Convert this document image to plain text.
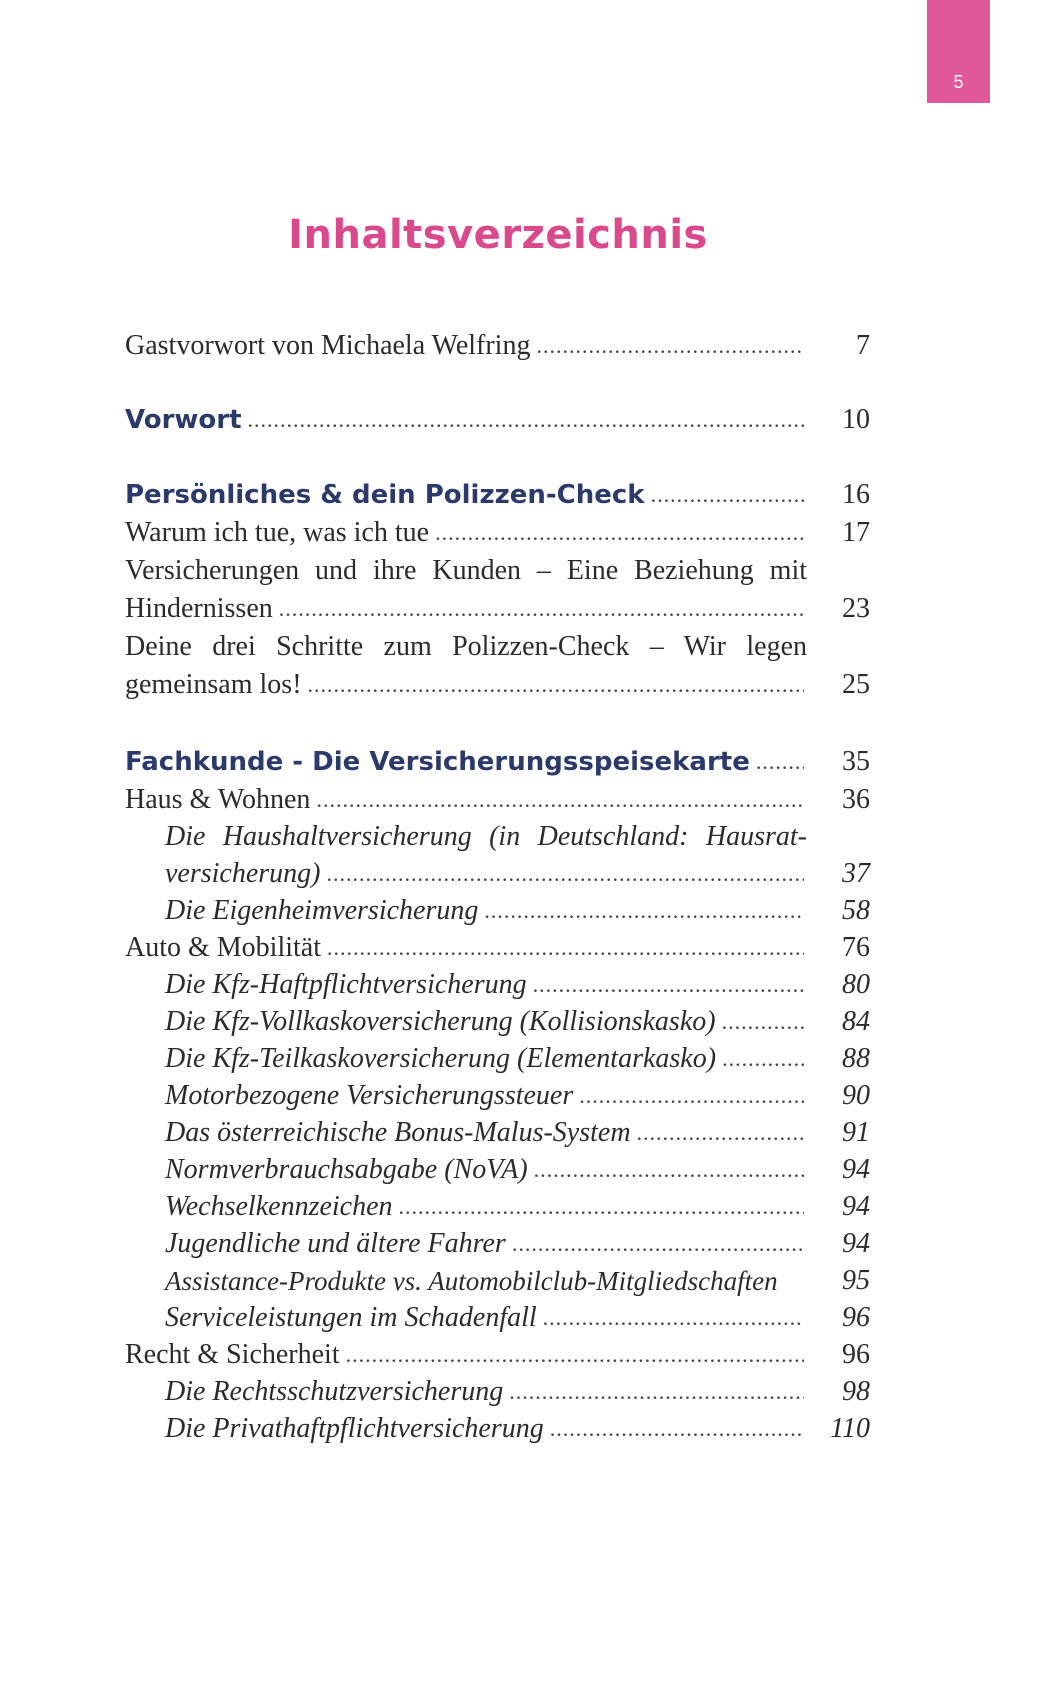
5
Inhaltsverzeichnis
Gastvorwort von Michaela Welfring .....	7
Vorwort .....	10
Persönliches & dein Polizzen-Check .....	16
Warum ich tue, was ich tue .....	17
Versicherungen und ihre Kunden – Eine Beziehung mit
Hindernissen .....	23
Deine drei Schritte zum Polizzen-Check – Wir legen
gemeinsam los! .....	25
Fachkunde - Die Versicherungsspeisekarte .....	35
Haus & Wohnen .....	36
Die Haushaltversicherung (in Deutschland: Hausrat-
versicherung) .....	37
Die Eigenheimversicherung .....	58
Auto & Mobilität .....	76
Die Kfz-Haftpflichtversicherung .....	80
Die Kfz-Vollkaskoversicherung (Kollisionskasko) .....	84
Die Kfz-Teilkaskoversicherung (Elementarkasko) .....	88
Motorbezogene Versicherungssteuer .....	90
Das österreichische Bonus-Malus-System .....	91
Normverbrauchsabgabe (NoVA) .....	94
Wechselkennzeichen .....	94
Jugendliche und ältere Fahrer .....	94
Assistance-Produkte vs. Automobilclub-Mitgliedschaften	95
Serviceleistungen im Schadenfall .....	96
Recht & Sicherheit .....	96
Die Rechtsschutzversicherung .....	98
Die Privathaftpflichtversicherung .....	110
